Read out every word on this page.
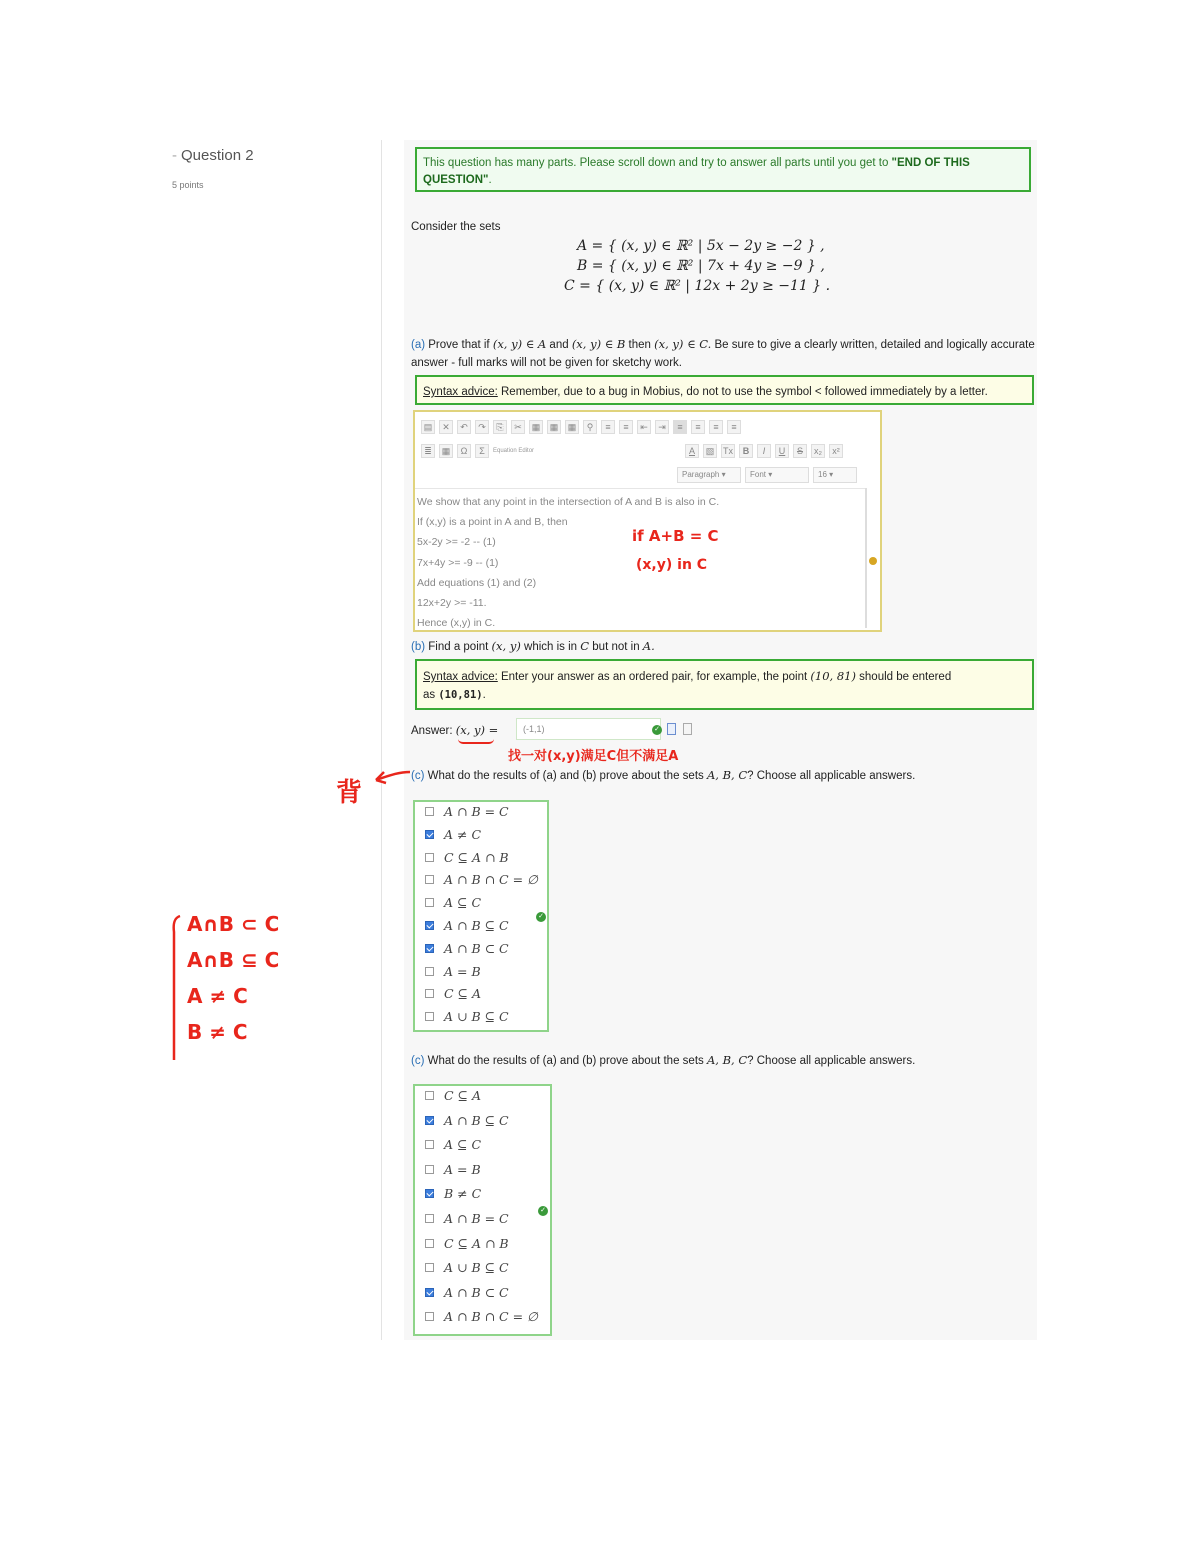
- Question 2
5 points
This question has many parts. Please scroll down and try to answer all parts until you get to "END OF THIS QUESTION".
Consider the sets
A = { (x, y) ∈ ℝ² | 5x − 2y ≥ −2 } ,
B = { (x, y) ∈ ℝ² | 7x + 4y ≥ −9 } ,
C = { (x, y) ∈ ℝ² | 12x + 2y ≥ −11 } .
(a) Prove that if (x, y) ∈ A and (x, y) ∈ B then (x, y) ∈ C. Be sure to give a clearly written, detailed and logically accurate answer - full marks will not be given for sketchy work.
Syntax advice: Remember, due to a bug in Mobius, do not to use the symbol < followed immediately by a letter.
▤	✕	↶	↷	⎘	✂	▦	▦	▦	⚲	≡	≡	⇤	⇥	≡	≡	≡	≡
≣	▦	Ω	Σ	Equation Editor	A	▧ Tx B I U S	x₂	x²
Paragraph ▾	Font ▾	16 ▾
We show that any point in the intersection of A and B is also in C.
If (x,y) is a point in A and B, then
5x-2y >= -2 -- (1)
7x+4y >= -9 -- (1)
Add equations (1) and (2)
12x+2y >= -11.
Hence (x,y) in C.
(b) Find a point (x, y) which is in C but not in A.
Syntax advice: Enter your answer as an ordered pair, for example, the point (10, 81) should be entered
as (10,81).
Answer: (x, y) =	(-1,1)	✓
(c) What do the results of (a) and (b) prove about the sets A, B, C? Choose all applicable answers.
A ∩ B = C
A ≠ C
C ⊆ A ∩ B
A ∩ B ∩ C = ∅
A ⊆ C
A ∩ B ⊆ C
A ∩ B ⊂ C
A = B
C ⊆ A
A ∪ B ⊆ C
✓
(c) What do the results of (a) and (b) prove about the sets A, B, C? Choose all applicable answers.
C ⊆ A
A ∩ B ⊆ C
A ⊆ C
A = B
B ≠ C
A ∩ B = C
C ⊆ A ∩ B
A ∪ B ⊆ C
A ∩ B ⊂ C
A ∩ B ∩ C = ∅
✓
if A+B = C
(x,y) in C
找一对(x,y)满足C但不满足A
背
A∩B ⊂ C
A∩B ⊆ C
A ≠ C
B ≠ C
